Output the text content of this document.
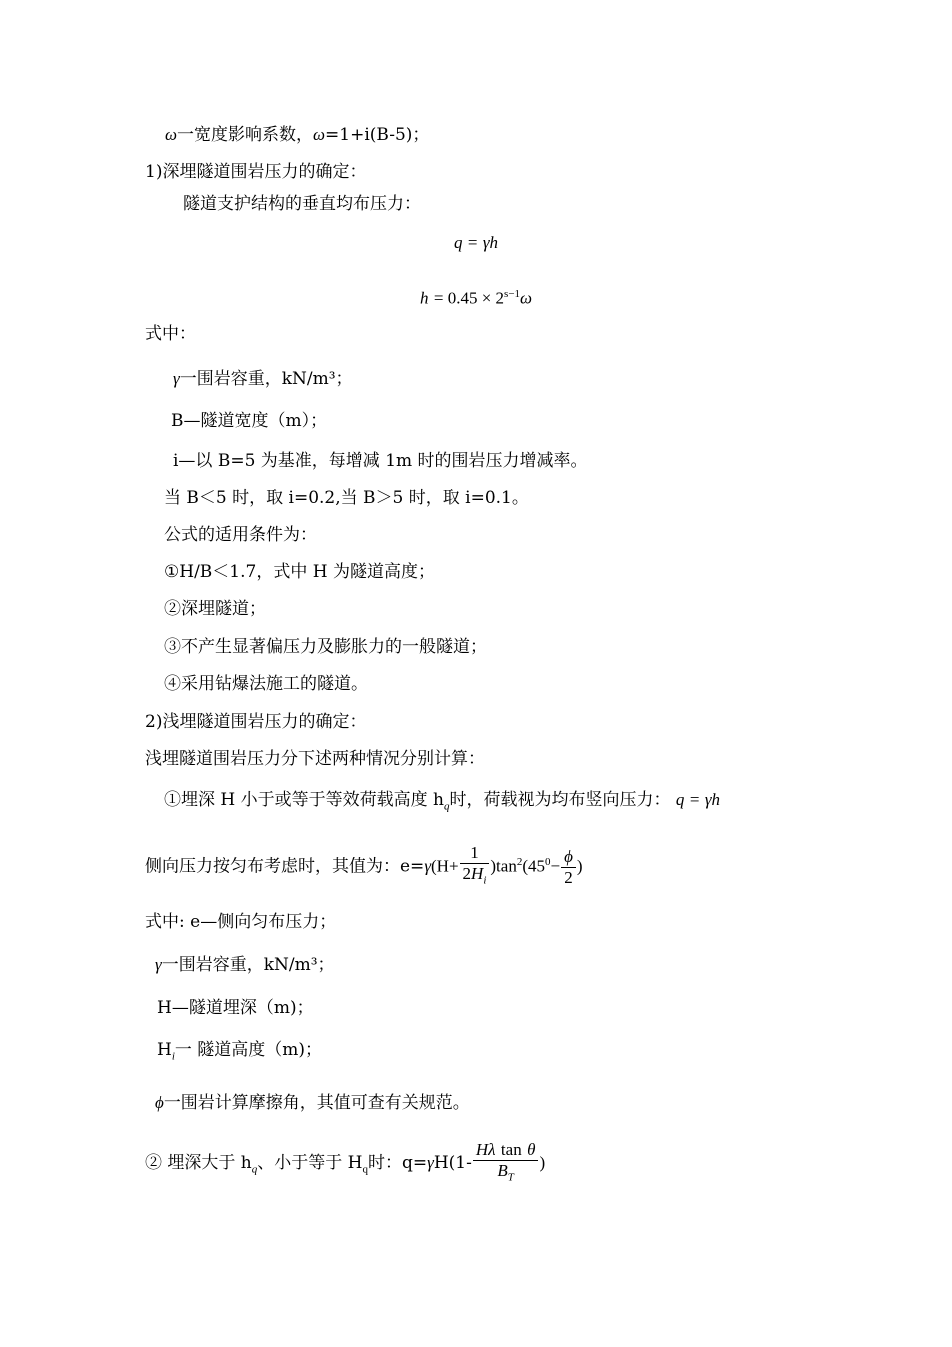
ω一宽度影响系数，ω=1+i(B-5)；
1)深埋隧道围岩压力的确定：
隧道支护结构的垂直均布压力：
q = γh
$h = 0.45 \times 2^{s-1}\omega$
式中：
γ一围岩容重，kN/m³；
B—隧道宽度（m）；
i—以 B=5 为基准，每增减 1m 时的围岩压力增减率。
当 B＜5 时，取 i=0.2,当 B＞5 时，取 i=0.1。
公式的适用条件为：
①H/B＜1.7，式中 H 为隧道高度；
②深埋隧道；
③不产生显著偏压力及膨胀力的一般隧道；
④采用钻爆法施工的隧道。
2)浅埋隧道围岩压力的确定：
浅埋隧道围岩压力分下述两种情况分别计算：
①埋深 H 小于或等于等效荷载高度 $h_q$时，荷载视为均布竖向压力： q = γh
侧向压力按匀布考虑时，其值为：$e=\gamma(H+ \frac{1}{2H_i} )\tan^2(45^0- \frac{\phi}{2}$ )
式中: e—侧向匀布压力；
γ一围岩容重，kN/m³；
H—隧道埋深（m)；
$H_i$一 隧道高度（m)；
ϕ一围岩计算摩擦角，其值可查有关规范。
② 埋深大于 $h_q$、小于等于 $H_q$时：$q=\gamma H(1- \frac{\text{Hλ tan θ}}{B_T}$ )
